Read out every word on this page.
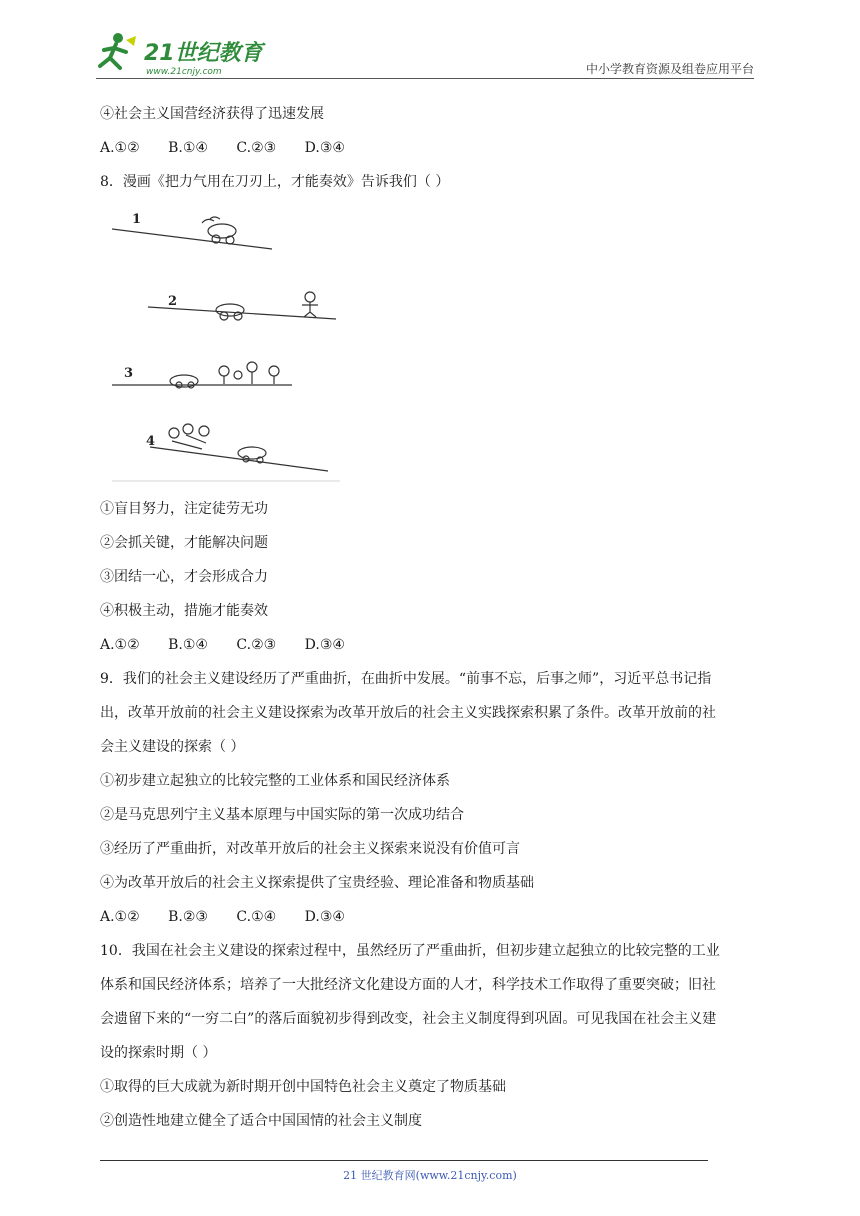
21世纪教育
www.21cnjy.com	中小学教育资源及组卷应用平台
④社会主义国营经济获得了迅速发展
A.①② B.①④ C.②③ D.③④
8．漫画《把力气用在刀刃上，才能奏效》告诉我们（ ）
1
2
3
4
①盲目努力，注定徒劳无功
②会抓关键，才能解决问题
③团结一心，才会形成合力
④积极主动，措施才能奏效
A.①② B.①④ C.②③ D.③④
9．我们的社会主义建设经历了严重曲折，在曲折中发展。“前事不忘，后事之师”，习近平总书记指
出，改革开放前的社会主义建设探索为改革开放后的社会主义实践探索积累了条件。改革开放前的社
会主义建设的探索（ ）
①初步建立起独立的比较完整的工业体系和国民经济体系
②是马克思列宁主义基本原理与中国实际的第一次成功结合
③经历了严重曲折，对改革开放后的社会主义探索来说没有价值可言
④为改革开放后的社会主义探索提供了宝贵经验、理论准备和物质基础
A.①② B.②③ C.①④ D.③④
10．我国在社会主义建设的探索过程中，虽然经历了严重曲折，但初步建立起独立的比较完整的工业
体系和国民经济体系；培养了一大批经济文化建设方面的人才，科学技术工作取得了重要突破；旧社
会遗留下来的“一穷二白”的落后面貌初步得到改变，社会主义制度得到巩固。可见我国在社会主义建
设的探索时期（ ）
①取得的巨大成就为新时期开创中国特色社会主义奠定了物质基础
②创造性地建立健全了适合中国国情的社会主义制度
21 世纪教育网(www.21cnjy.com)
